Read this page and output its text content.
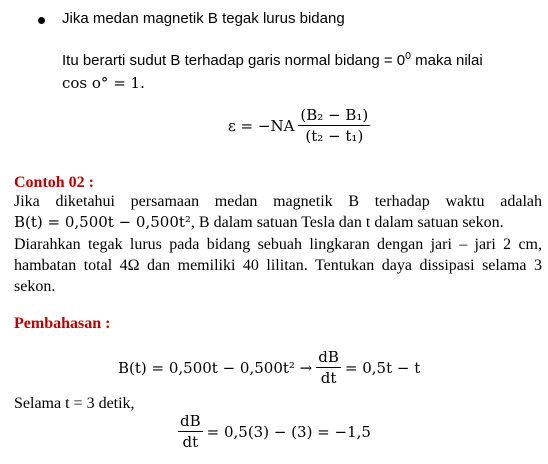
Jika medan magnetik B tegak lurus bidang
Itu berarti sudut B terhadap garis normal bidang = $0^0$ maka nilai
cos o° = 1.
$\varepsilon = -NA \frac{\text{(B₂ − B₁)}}{\text{(t₂ − t₁)}}$
Contoh 02 :
Jika diketahui persamaan medan magnetik B terhadap waktu adalah
B(t) = 0,500t − 0,500t², B dalam satuan Tesla dan t dalam satuan sekon.
Diarahkan tegak lurus pada bidang sebuah lingkaran dengan jari – jari 2 cm, hambatan total 4Ω dan memiliki 40 lilitan. Tentukan daya dissipasi selama 3 sekon.
Pembahasan :
$B(t) = 0,500t - 0,500t^2 \to \frac{dB}{dt} = 0,5t - t$
Selama t = 3 detik,
$\frac{dB}{dt} = 0,5(3) - (3) = -1,5$
